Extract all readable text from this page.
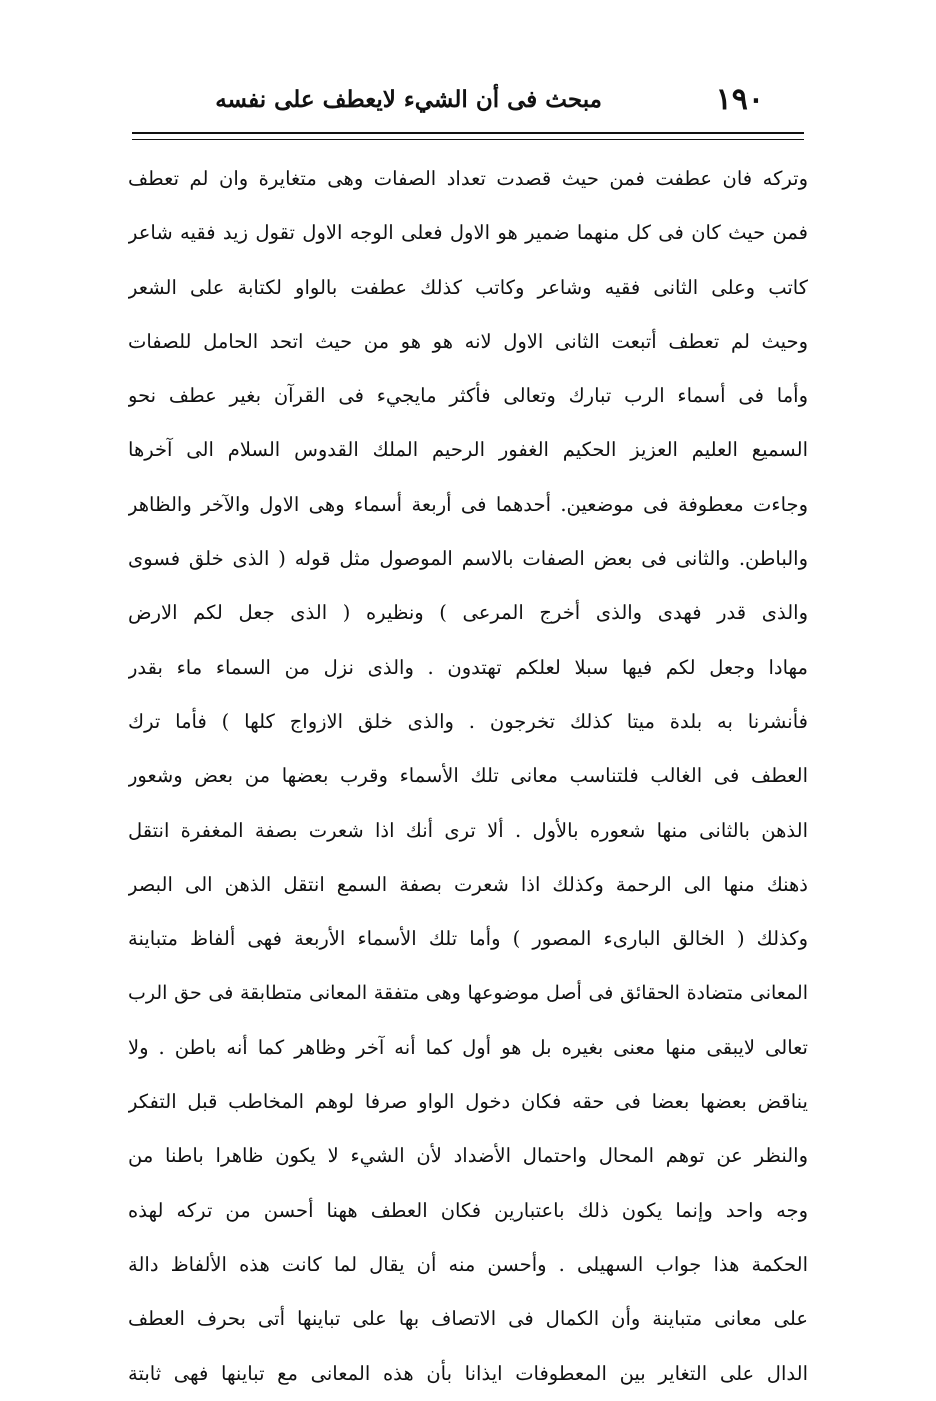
١٩٠
مبحث فى أن الشيء لايعطف على نفسه
وتركه فان عطفت فمن حيث قصدت تعداد الصفات وهى متغايرة وان لم تعطف
فمن حيث كان فى كل منهما ضمير هو الاول فعلى الوجه الاول تقول زيد فقيه شاعر
كاتب وعلى الثانى فقيه وشاعر وكاتب كذلك عطفت بالواو لكتابة على الشعر
وحيث لم تعطف أتبعت الثانى الاول لانه هو هو من حيث اتحد الحامل للصفات
وأما فى أسماء الرب تبارك وتعالى فأكثر مايجيء فى القرآن بغير عطف نحو
السميع العليم العزيز الحكيم الغفور الرحيم الملك القدوس السلام الى آخرها
وجاءت معطوفة فى موضعين. أحدهما فى أربعة أسماء وهى الاول والآخر والظاهر
والباطن. والثانى فى بعض الصفات بالاسم الموصول مثل قوله ( الذى خلق فسوى
والذى قدر فهدى والذى أخرج المرعى ) ونظيره ( الذى جعل لكم الارض
مهادا وجعل لكم فيها سبلا لعلكم تهتدون . والذى نزل من السماء ماء بقدر
فأنشرنا به بلدة ميتا كذلك تخرجون . والذى خلق الازواج كلها ) فأما ترك
العطف فى الغالب فلتناسب معانى تلك الأسماء وقرب بعضها من بعض وشعور
الذهن بالثانى منها شعوره بالأول . ألا ترى أنك اذا شعرت بصفة المغفرة انتقل
ذهنك منها الى الرحمة وكذلك اذا شعرت بصفة السمع انتقل الذهن الى البصر
وكذلك ( الخالق البارىء المصور ) وأما تلك الأسماء الأربعة فهى ألفاظ متباينة
المعانى متضادة الحقائق فى أصل موضوعها وهى متفقة المعانى متطابقة فى حق الرب
تعالى لايبقى منها معنى بغيره بل هو أول كما أنه آخر وظاهر كما أنه باطن . ولا
يناقض بعضها بعضا فى حقه فكان دخول الواو صرفا لوهم المخاطب قبل التفكر
والنظر عن توهم المحال واحتمال الأضداد لأن الشيء لا يكون ظاهرا باطنا من
وجه واحد وإنما يكون ذلك باعتبارين فكان العطف ههنا أحسن من تركه لهذه
الحكمة هذا جواب السهيلى . وأحسن منه أن يقال لما كانت هذه الألفاظ دالة
على معانى متباينة وأن الكمال فى الاتصاف بها على تباينها أتى بحرف العطف
الدال على التغاير بين المعطوفات ايذانا بأن هذه المعانى مع تباينها فهى ثابتة
